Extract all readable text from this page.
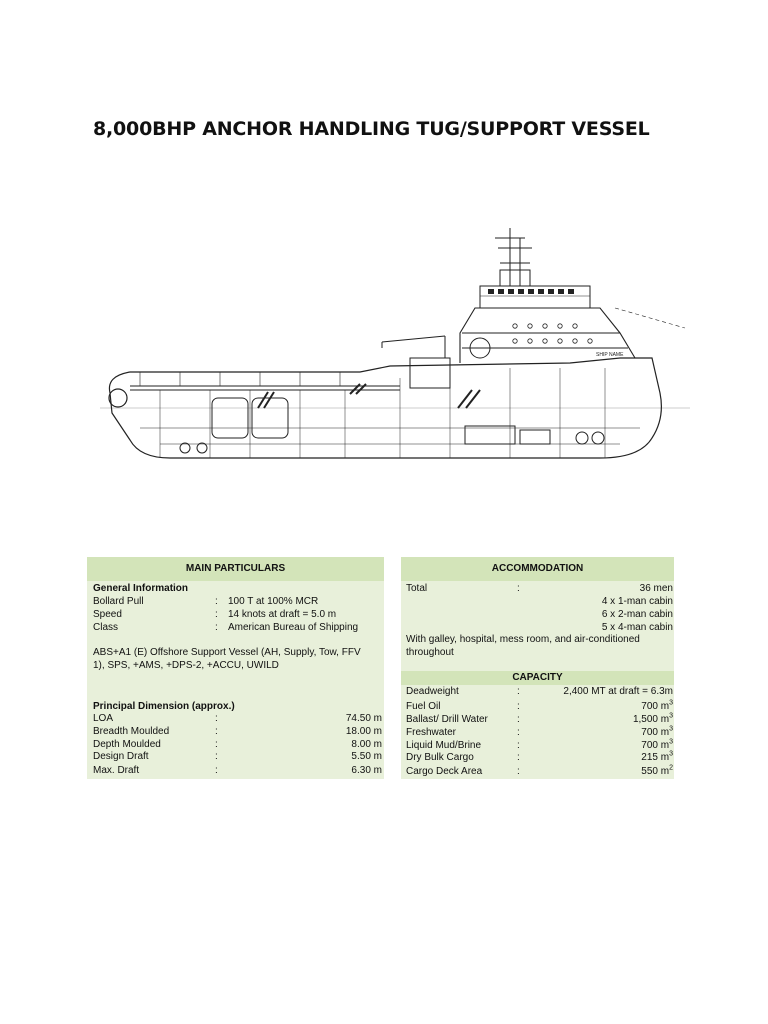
8,000BHP ANCHOR HANDLING TUG/SUPPORT VESSEL
SHIP NAME
MAIN PARTICULARS
General Information
Bollard Pull	: 100 T at 100% MCR
Speed	: 14 knots at draft = 5.0 m
Class	: American Bureau of Shipping
ABS+A1 (E) Offshore Support Vessel (AH, Supply, Tow, FFV 1), SPS, +AMS, +DPS-2, +ACCU, UWILD
Principal Dimension (approx.)
LOA	:	74.50 m
Breadth Moulded	:	18.00 m
Depth Moulded	:	8.00 m
Design Draft	:	5.50 m
Max. Draft	:	6.30 m
ACCOMMODATION
Total	:	36 men
4 x 1-man cabin
6 x 2-man cabin
5 x 4-man cabin
With galley, hospital, mess room, and air-conditioned throughout
CAPACITY
Deadweight	:	2,400 MT at draft = 6.3m
Fuel Oil	:	700 $m^3$
Ballast/ Drill Water	:	1,500 $m^3$
Freshwater	:	700 $m^3$
Liquid Mud/Brine	:	700 $m^3$
Dry Bulk Cargo	:	215 $m^3$
Cargo Deck Area	:	550 $m^2$
